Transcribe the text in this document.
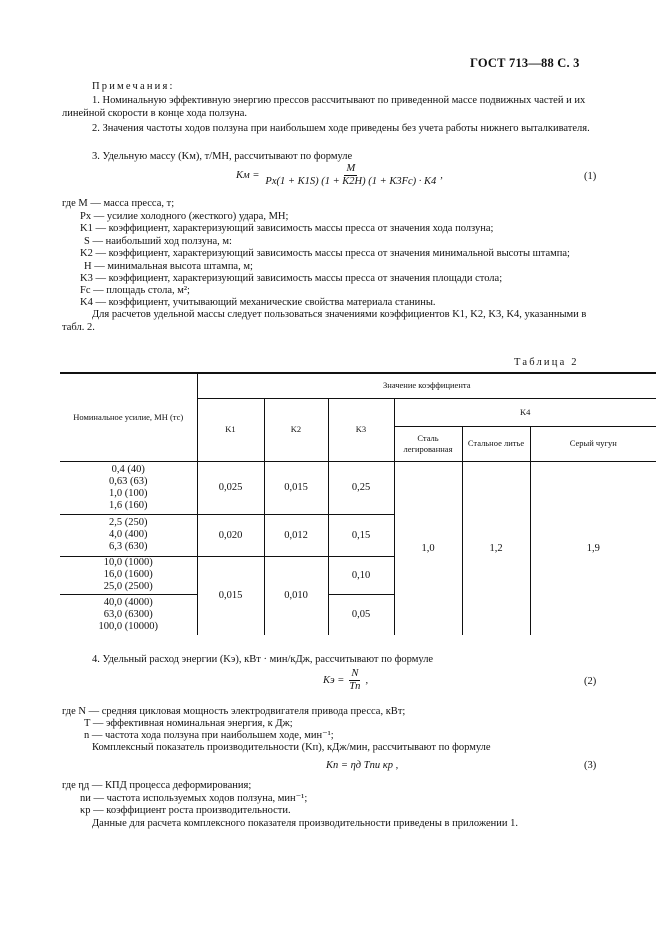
ГОСТ 713—88 С. 3
Примечания:
1. Номинальную эффективную энергию прессов рассчитывают по приведенной массе подвижных частей и их линейной скорости в конце хода ползуна.
2. Значения частоты ходов ползуна при наибольшем ходе приведены без учета работы нижнего выталкивателя.
3. Удельную массу (Kм), т/МН, рассчитывают по формуле
Kм = $\frac{M}{Pх(1 + K1S) (1 + K2H) (1 + K3Fс) \cdot K4}$ ,	(1)
где M — масса пресса, т;
Pх — усилие холодного (жесткого) удара, МН;
K1 — коэффициент, характеризующий зависимость массы пресса от значения хода ползуна;
S — наибольший ход ползуна, м:
K2 — коэффициент, характеризующий зависимость массы пресса от значения минимальной высоты штампа;
H — минимальная высота штампа, м;
K3 — коэффициент, характеризующий зависимость массы пресса от значения площади стола;
Fс — площадь стола, м²;
K4 — коэффициент, учитывающий механические свойства материала станины.
Для расчетов удельной массы следует пользоваться значениями коэффициентов K1, K2, K3, K4, указанными в табл. 2.
Таблица 2
Номинальное усилие, МН (тс)	Значение коэффициента					
	K1	K2	K3	K4		
				Сталь легированная	Стальное литье	Серый чугун
0,4 (40)
0,63 (63)
1,0 (100)
1,6 (160)	0,025	0,015	0,25	1,0	1,2	1,9
2,5 (250)
4,0 (400)
6,3 (630)	0,020	0,012	0,15			
10,0 (1000)
16,0 (1600)
25,0 (2500)	0,015	0,010	0,10			
40,0 (4000)
63,0 (6300)
100,0 (10000)			0,05			
4. Удельный расход энергии (Kэ), кВт · мин/кДж, рассчитывают по формуле
Kэ = $\frac{N}{Tn}$ ,	(2)
где N — средняя цикловая мощность электродвигателя привода пресса, кВт;
T — эффективная номинальная энергия, к Дж;
n — частота хода ползуна при наибольшем ходе, мин⁻¹;
Комплексный показатель производительности (Kп), кДж/мин, рассчитывают по формуле
Kп = ηд Tnи κр ,	(3)
где ηд — КПД процесса деформирования;
nи — частота используемых ходов ползуна, мин⁻¹;
κр — коэффициент роста производительности.
Данные для расчета комплексного показателя производительности приведены в приложении 1.
